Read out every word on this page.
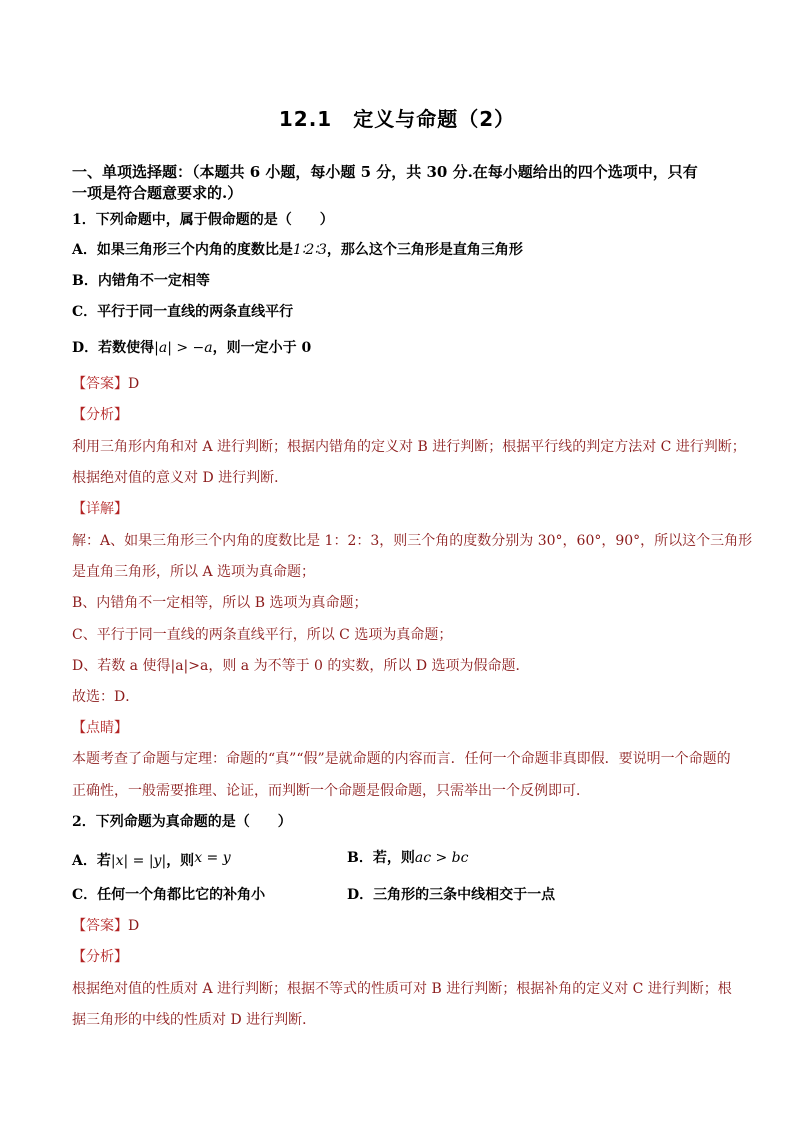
12.1　定义与命题（2）
一、单项选择题：（本题共 6 小题，每小题 5 分，共 30 分.在每小题给出的四个选项中，只有
一项是符合题意要求的.）
1．下列命题中，属于假命题的是（　　）
A．如果三角形三个内角的度数比是1∶2∶3，那么这个三角形是直角三角形
B．内错角不一定相等
C．平行于同一直线的两条直线平行
D．若数使得|a| > −a，则一定小于 0
【答案】D
【分析】
利用三角形内角和对 A 进行判断；根据内错角的定义对 B 进行判断；根据平行线的判定方法对 C 进行判断；
根据绝对值的意义对 D 进行判断．
【详解】
解：A、如果三角形三个内角的度数比是 1：2：3，则三个角的度数分别为 30°，60°，90°，所以这个三角形
是直角三角形，所以 A 选项为真命题；
B、内错角不一定相等，所以 B 选项为真命题；
C、平行于同一直线的两条直线平行，所以 C 选项为真命题；
D、若数 a 使得|a|>a，则 a 为不等于 0 的实数，所以 D 选项为假命题．
故选：D．
【点睛】
本题考查了命题与定理：命题的“真”“假”是就命题的内容而言．任何一个命题非真即假．要说明一个命题的
正确性，一般需要推理、论证，而判断一个命题是假命题，只需举出一个反例即可．
2．下列命题为真命题的是（　　）
A．若|x| = |y|，则x = y	B．若，则ac > bc
C．任何一个角都比它的补角小	D．三角形的三条中线相交于一点
【答案】D
【分析】
根据绝对值的性质对 A 进行判断；根据不等式的性质可对 B 进行判断；根据补角的定义对 C 进行判断；根
据三角形的中线的性质对 D 进行判断．
